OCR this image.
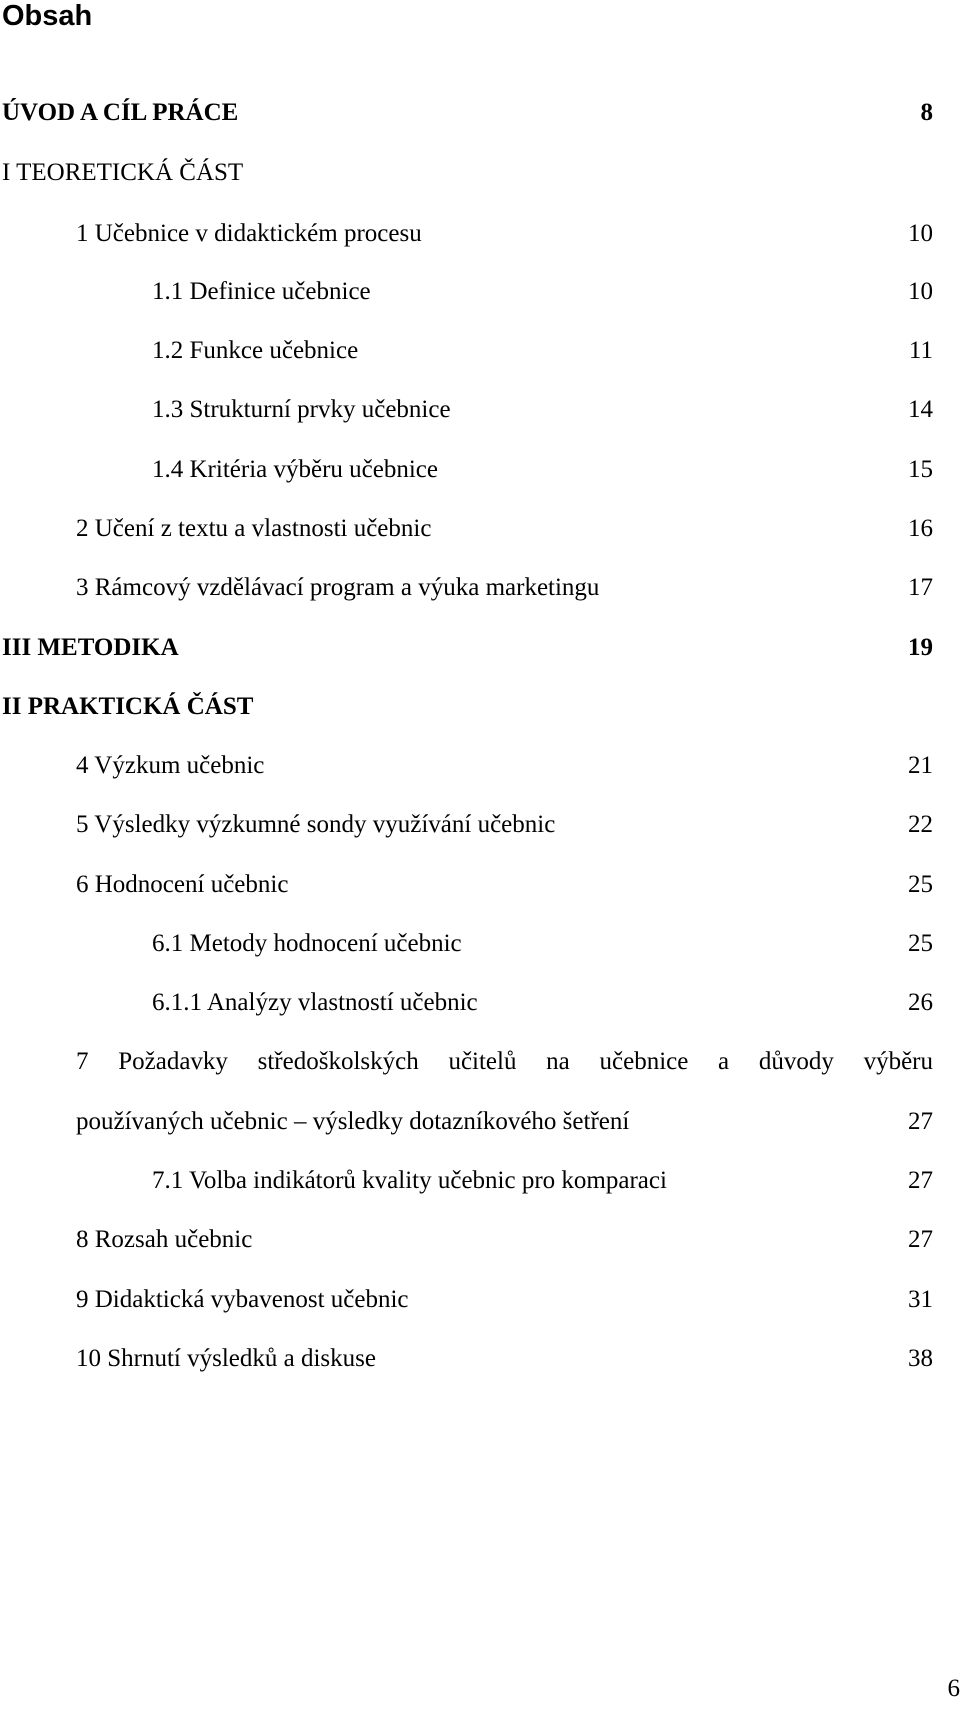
Obsah
ÚVOD A CÍL PRÁCE	8
I TEORETICKÁ ČÁST
1 Učebnice v didaktickém procesu	10
1.1 Definice učebnice	10
1.2 Funkce učebnice	11
1.3 Strukturní prvky učebnice	14
1.4 Kritéria výběru učebnice	15
2 Učení z textu a vlastnosti učebnic	16
3 Rámcový vzdělávací program a výuka marketingu	17
III METODIKA	19
II PRAKTICKÁ ČÁST
4 Výzkum učebnic	21
5 Výsledky výzkumné sondy využívání učebnic	22
6 Hodnocení učebnic	25
6.1 Metody hodnocení učebnic	25
6.1.1 Analýzy vlastností učebnic	26
7 Požadavky středoškolských učitelů na učebnice a důvody výběru
používaných učebnic – výsledky dotazníkového šetření	27
7.1 Volba indikátorů kvality učebnic pro komparaci	27
8 Rozsah učebnic	27
9 Didaktická vybavenost učebnic	31
10 Shrnutí výsledků a diskuse	38
6
